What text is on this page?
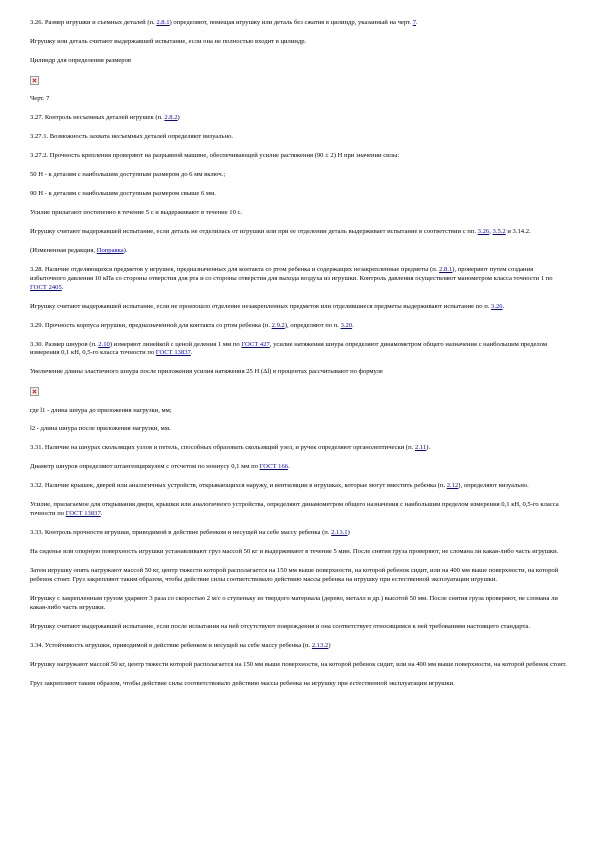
3.26. Размер игрушки и съемных деталей (п. 2.8.1) определяют, помещая игрушку или деталь без сжатия в цилиндр, указанный на черт. 7.

Игрушку или деталь считают выдержавшей испытание, если она не полностью входит в цилиндр.

Цилиндр для определения размеров

Черт. 7

3.27. Контроль несъемных деталей игрушек (п. 2.8.2)

3.27.1. Возможность захвата несъемных деталей определяют визуально.

3.27.2. Прочность крепления проверяют на разрывной машине, обеспечивающей усилие растяжения (90 ± 2) Н при значении силы:

50 Н - к деталям с наибольшим доступным размером до 6 мм включ.;

90 Н - к деталям с наибольшим доступным размером свыше 6 мм.

Усилие прилагают постепенно в течение 5 с и выдерживают в течение 10 с.

Игрушку считают выдержавшей испытание, если деталь не отделилась от игрушки или при ее отделении деталь выдерживает испытание в соответствии с пп. 3.26, 3.5.2 и 3.14.2.

(Измененная редакция, Поправка).

3.28. Наличие отделяющихся предметов у игрушек, предназначенных для контакта со ртом ребенка и содержащих незакрепленные предметы (п. 2.8.1), проверяют путем создания избыточного давления 10 кПа со стороны отверстия для рта и со стороны отверстия для выхода воздуха из игрушки. Контроль давления осуществляют манометром класса точности 1 по ГОСТ 2405.

Игрушку считают выдержавшей испытание, если не произошло отделение незакрепленных предметов или отделившиеся предметы выдерживают испытание по п. 3.26.

3.29. Прочность корпуса игрушки, предназначенной для контакта со ртом ребенка (п. 2.9.2), определяют по п. 3.20.

3.30. Размер шнуров (п. 2.10) измеряют линейкой с ценой деления 1 мм по ГОСТ 427, усилие натяжения шнура определяют динамометром общего назначения с наибольшим пределом измерения 0,1 кН, 0,5-го класса точности по ГОСТ 13837.

Увеличение длины эластичного шнура после приложения усилия натяжения 25 Н (Δl) в процентах рассчитывают по формуле

где l1 - длина шнура до приложения нагрузки, мм;

l2 - длина шнура после приложения нагрузки, мм.

3.31. Наличие на шнурах скользящих узлов и петель, способных образовать скользящий узел, и ручек определяют органолептически (п. 2.11).

Диаметр шнуров определяют штангенциркулем с отсчетом по нониусу 0,1 мм по ГОСТ 166.

3.32. Наличие крышек, дверей или аналогичных устройств, открывающихся наружу, и вентиляции в игрушках, которые могут вместить ребенка (п. 2.12), определяют визуально.

Усилие, прилагаемое для открывания двери, крышки или аналогичного устройства, определяют динамометром общего назначения с наибольшим пределом измерения 0,1 кН, 0,5-го класса точности по ГОСТ 13837.

3.33. Контроль прочности игрушки, приводимой в действие ребенком и несущей на себе массу ребенка (п. 2.13.1)

На сиденье или опорную поверхность игрушки устанавливают груз массой 50 кг и выдерживают в течение 5 мин. После снятия груза проверяют, не сломана ли какая-либо часть игрушки.

Затем игрушку опять нагружают массой 50 кг, центр тяжести которой располагается на 150 мм выше поверхности, на которой ребенок сидит, или на 400 мм выше поверхности, на которой ребенок стоит. Груз закрепляют таким образом, чтобы действие силы соответствовало действию массы ребенка на игрушку при естественной эксплуатации игрушки.

Игрушку с закрепленным грузом ударяют 3 раза со скоростью 2 м/с о ступеньку из твердого материала (дерево, металл и др.) высотой 50 мм. После снятия груза проверяют, не сломана ли какая-либо часть игрушки.

Игрушку считают выдержавшей испытание, если после испытания на ней отсутствуют повреждения и она соответствует относящимся к ней требованиям настоящего стандарта.

3.34. Устойчивость игрушки, приводимой в действие ребенком и несущей на себе массу ребенка (п. 2.13.2)

Игрушку нагружают массой 50 кг, центр тяжести которой располагается на 150 мм выше поверхности, на которой ребенок сидит, или на 400 мм выше поверхности, на которой ребенок стоит.

Груз закрепляют таким образом, чтобы действие силы соответствовало действию массы ребенка на игрушку при естественной эксплуатации игрушки.
